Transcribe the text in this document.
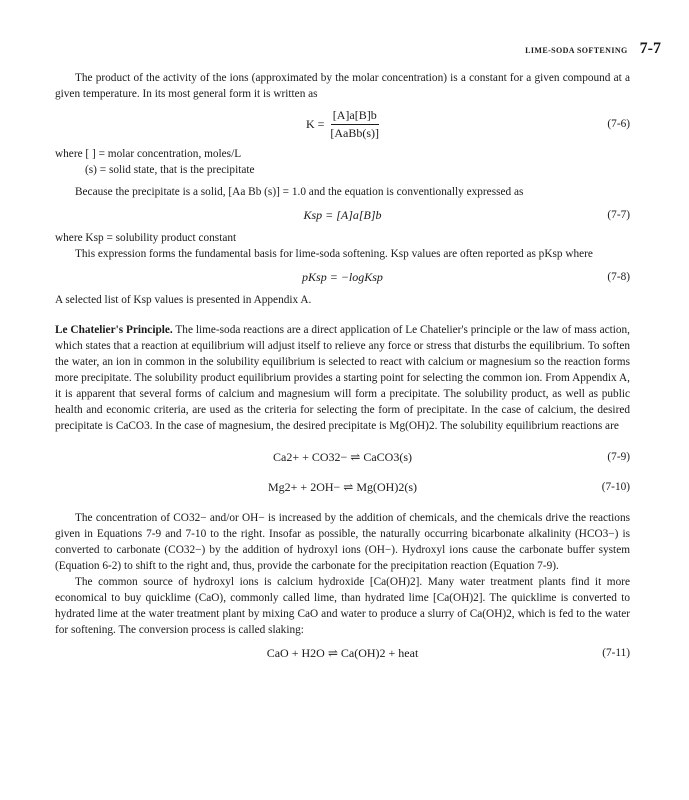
LIME-SODA SOFTENING 7-7

The product of the activity of the ions (approximated by the molar concentration) is a constant for a given compound at a given temperature. In its most general form it is written as

$K = \frac{[A]a[B]b}{\text{[AaBb(s)]}}$	(7-6)
where [ ] = molar concentration, moles/L
(s) = solid state, that is the precipitate

Because the precipitate is a solid, [Aa Bb (s)] = 1.0 and the equation is conventionally expressed as

Ksp = [A]a[B]b	(7-7)

where Ksp = solubility product constant

This expression forms the fundamental basis for lime-soda softening. Ksp values are often reported as pKsp where

pKsp = −logKsp	(7-8)

A selected list of Ksp values is presented in Appendix A.

Le Chatelier's Principle. The lime-soda reactions are a direct application of Le Chatelier's principle or the law of mass action, which states that a reaction at equilibrium will adjust itself to relieve any force or stress that disturbs the equilibrium. To soften the water, an ion in common in the solubility equilibrium is selected to react with calcium or magnesium so the reaction forms more precipitate. The solubility product equilibrium provides a starting point for selecting the common ion. From Appendix A, it is apparent that several forms of calcium and magnesium will form a precipitate. The solubility product, as well as public health and economic criteria, are used as the criteria for selecting the form of precipitate. In the case of calcium, the desired precipitate is CaCO3. In the case of magnesium, the desired precipitate is Mg(OH)2. The solubility equilibrium reactions are

Ca2+ + CO32− ⇌ CaCO3(s)	(7-9)
Mg2+ + 2OH− ⇌ Mg(OH)2(s)	(7-10)

The concentration of CO32− and/or OH− is increased by the addition of chemicals, and the chemicals drive the reactions given in Equations 7-9 and 7-10 to the right. Insofar as possible, the naturally occurring bicarbonate alkalinity (HCO3−) is converted to carbonate (CO32−) by the addition of hydroxyl ions (OH−). Hydroxyl ions cause the carbonate buffer system (Equation 6-2) to shift to the right and, thus, provide the carbonate for the precipitation reaction (Equation 7-9).

The common source of hydroxyl ions is calcium hydroxide [Ca(OH)2]. Many water treatment plants find it more economical to buy quicklime (CaO), commonly called lime, than hydrated lime [Ca(OH)2]. The quicklime is converted to hydrated lime at the water treatment plant by mixing CaO and water to produce a slurry of Ca(OH)2, which is fed to the water for softening. The conversion process is called slaking:

CaO + H2O ⇌ Ca(OH)2 + heat	(7-11)
